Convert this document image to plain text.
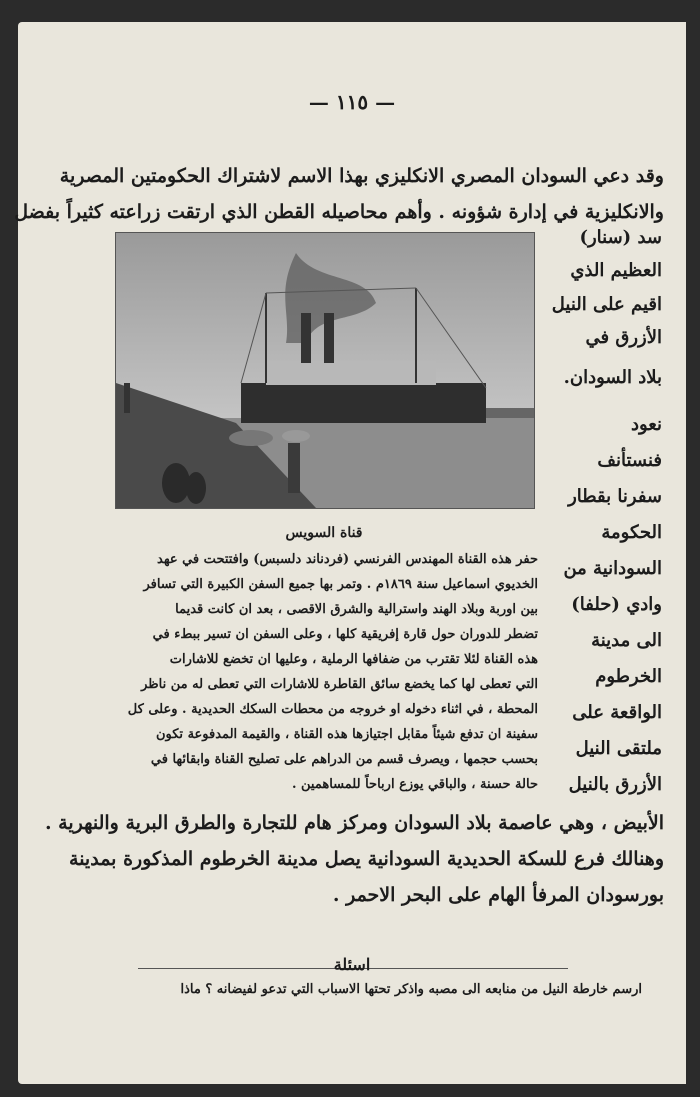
— ١١٥ —
وقد دعي السودان المصري الانكليزي بهذا الاسم لاشتراك الحكومتين المصرية
والانكليزية في إدارة شؤونه . وأهم محاصيله القطن الذي ارتقت زراعته كثيراً بفضل
سد (سنار)
العظيم الذي
اقيم على النيل
الأزرق في
بلاد السودان.
نعود
فنستأنف
سفرنا بقطار
الحكومة
السودانية من
وادي (حلفا)
الى مدينة
الخرطوم
الواقعة على
ملتقى النيل
الأزرق بالنيل
قناة السويس
حفر هذه القناة المهندس الفرنسي (فردناند دلسبس) وافتتحت في عهد
الخديوي اسماعيل سنة ١٨٦٩م . وتمر بها جميع السفن الكبيرة التي تسافر
بين اوربة وبلاد الهند واسترالية والشرق الاقصى ، بعد ان كانت قديما
تضطر للدوران حول قارة إفريقية كلها ، وعلى السفن ان تسير ببطء في
هذه القناة لئلا تقترب من ضفافها الرملية ، وعليها ان تخضع للاشارات
التي تعطى لها كما يخضع سائق القاطرة للاشارات التي تعطى له من ناظر
المحطة ، في اثناء دخوله او خروجه من محطات السكك الحديدية . وعلى كل
سفينة ان تدفع شيئاً مقابل اجتيازها هذه القناة ، والقيمة المدفوعة تكون
بحسب حجمها ، ويصرف قسم من الدراهم على تصليح القناة وابقائها في
حالة حسنة ، والباقي يوزع ارباحاً للمساهمين .
الأبيض ، وهي عاصمة بلاد السودان ومركز هام للتجارة والطرق البرية والنهرية .
وهنالك فرع للسكة الحديدية السودانية يصل مدينة الخرطوم المذكورة بمدينة
بورسودان المرفأ الهام على البحر الاحمر .
اسئلة
ارسم خارطة النيل من منابعه الى مصبه واذكر تحتها الاسباب التي تدعو لفيضانه ؟ ماذا
